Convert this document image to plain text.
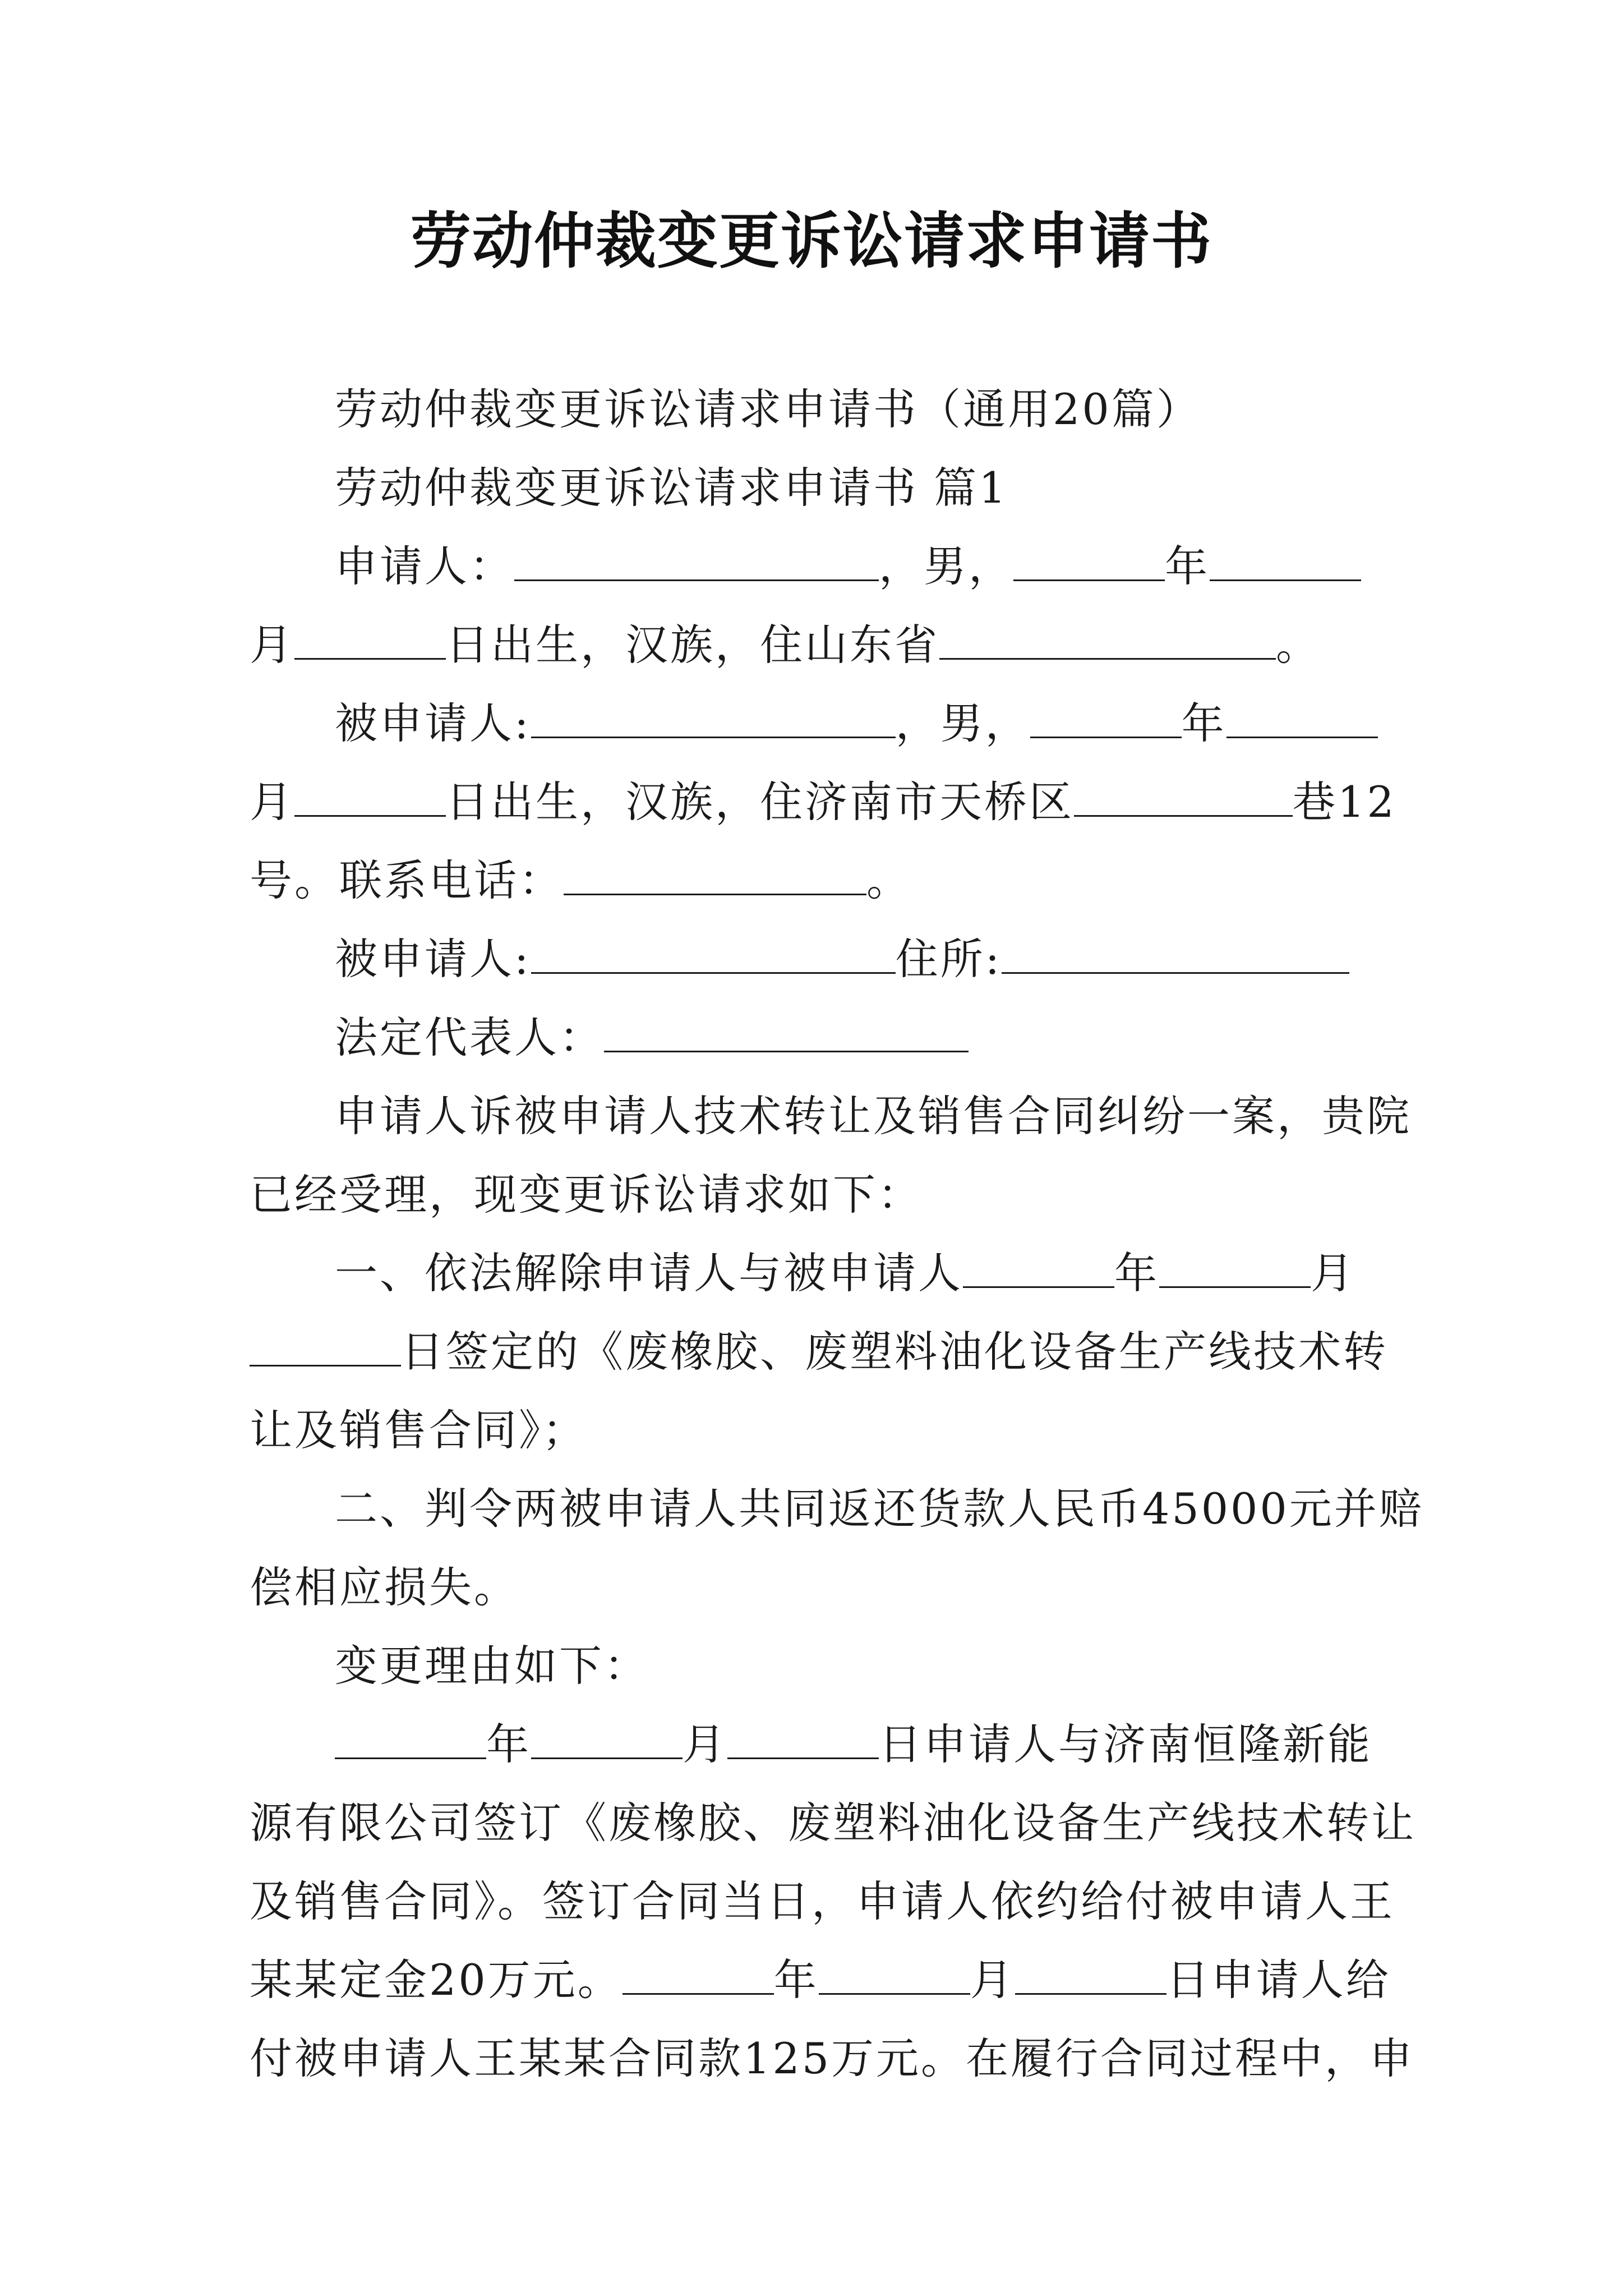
劳动仲裁变更诉讼请求申请书
劳动仲裁变更诉讼请求申请书（通用20篇）
劳动仲裁变更诉讼请求申请书 篇1
申请人：	，男，	年
月	日出生，汉族，住山东省	。
被申请人:	，男，	年
月	日出生，汉族，住济南市天桥区	巷12
号。联系电话：	。
被申请人:	住所:
法定代表人：
申请人诉被申请人技术转让及销售合同纠纷一案，贵院
已经受理，现变更诉讼请求如下：
一、依法解除申请人与被申请人	年	月
日签定的《废橡胶、废塑料油化设备生产线技术转
让及销售合同》；
二、判令两被申请人共同返还货款人民币45000元并赔
偿相应损失。
变更理由如下：
年	月	日申请人与济南恒隆新能
源有限公司签订《废橡胶、废塑料油化设备生产线技术转让
及销售合同》。签订合同当日，申请人依约给付被申请人王
某某定金20万元。	年	月	日申请人给
付被申请人王某某合同款125万元。在履行合同过程中，申
